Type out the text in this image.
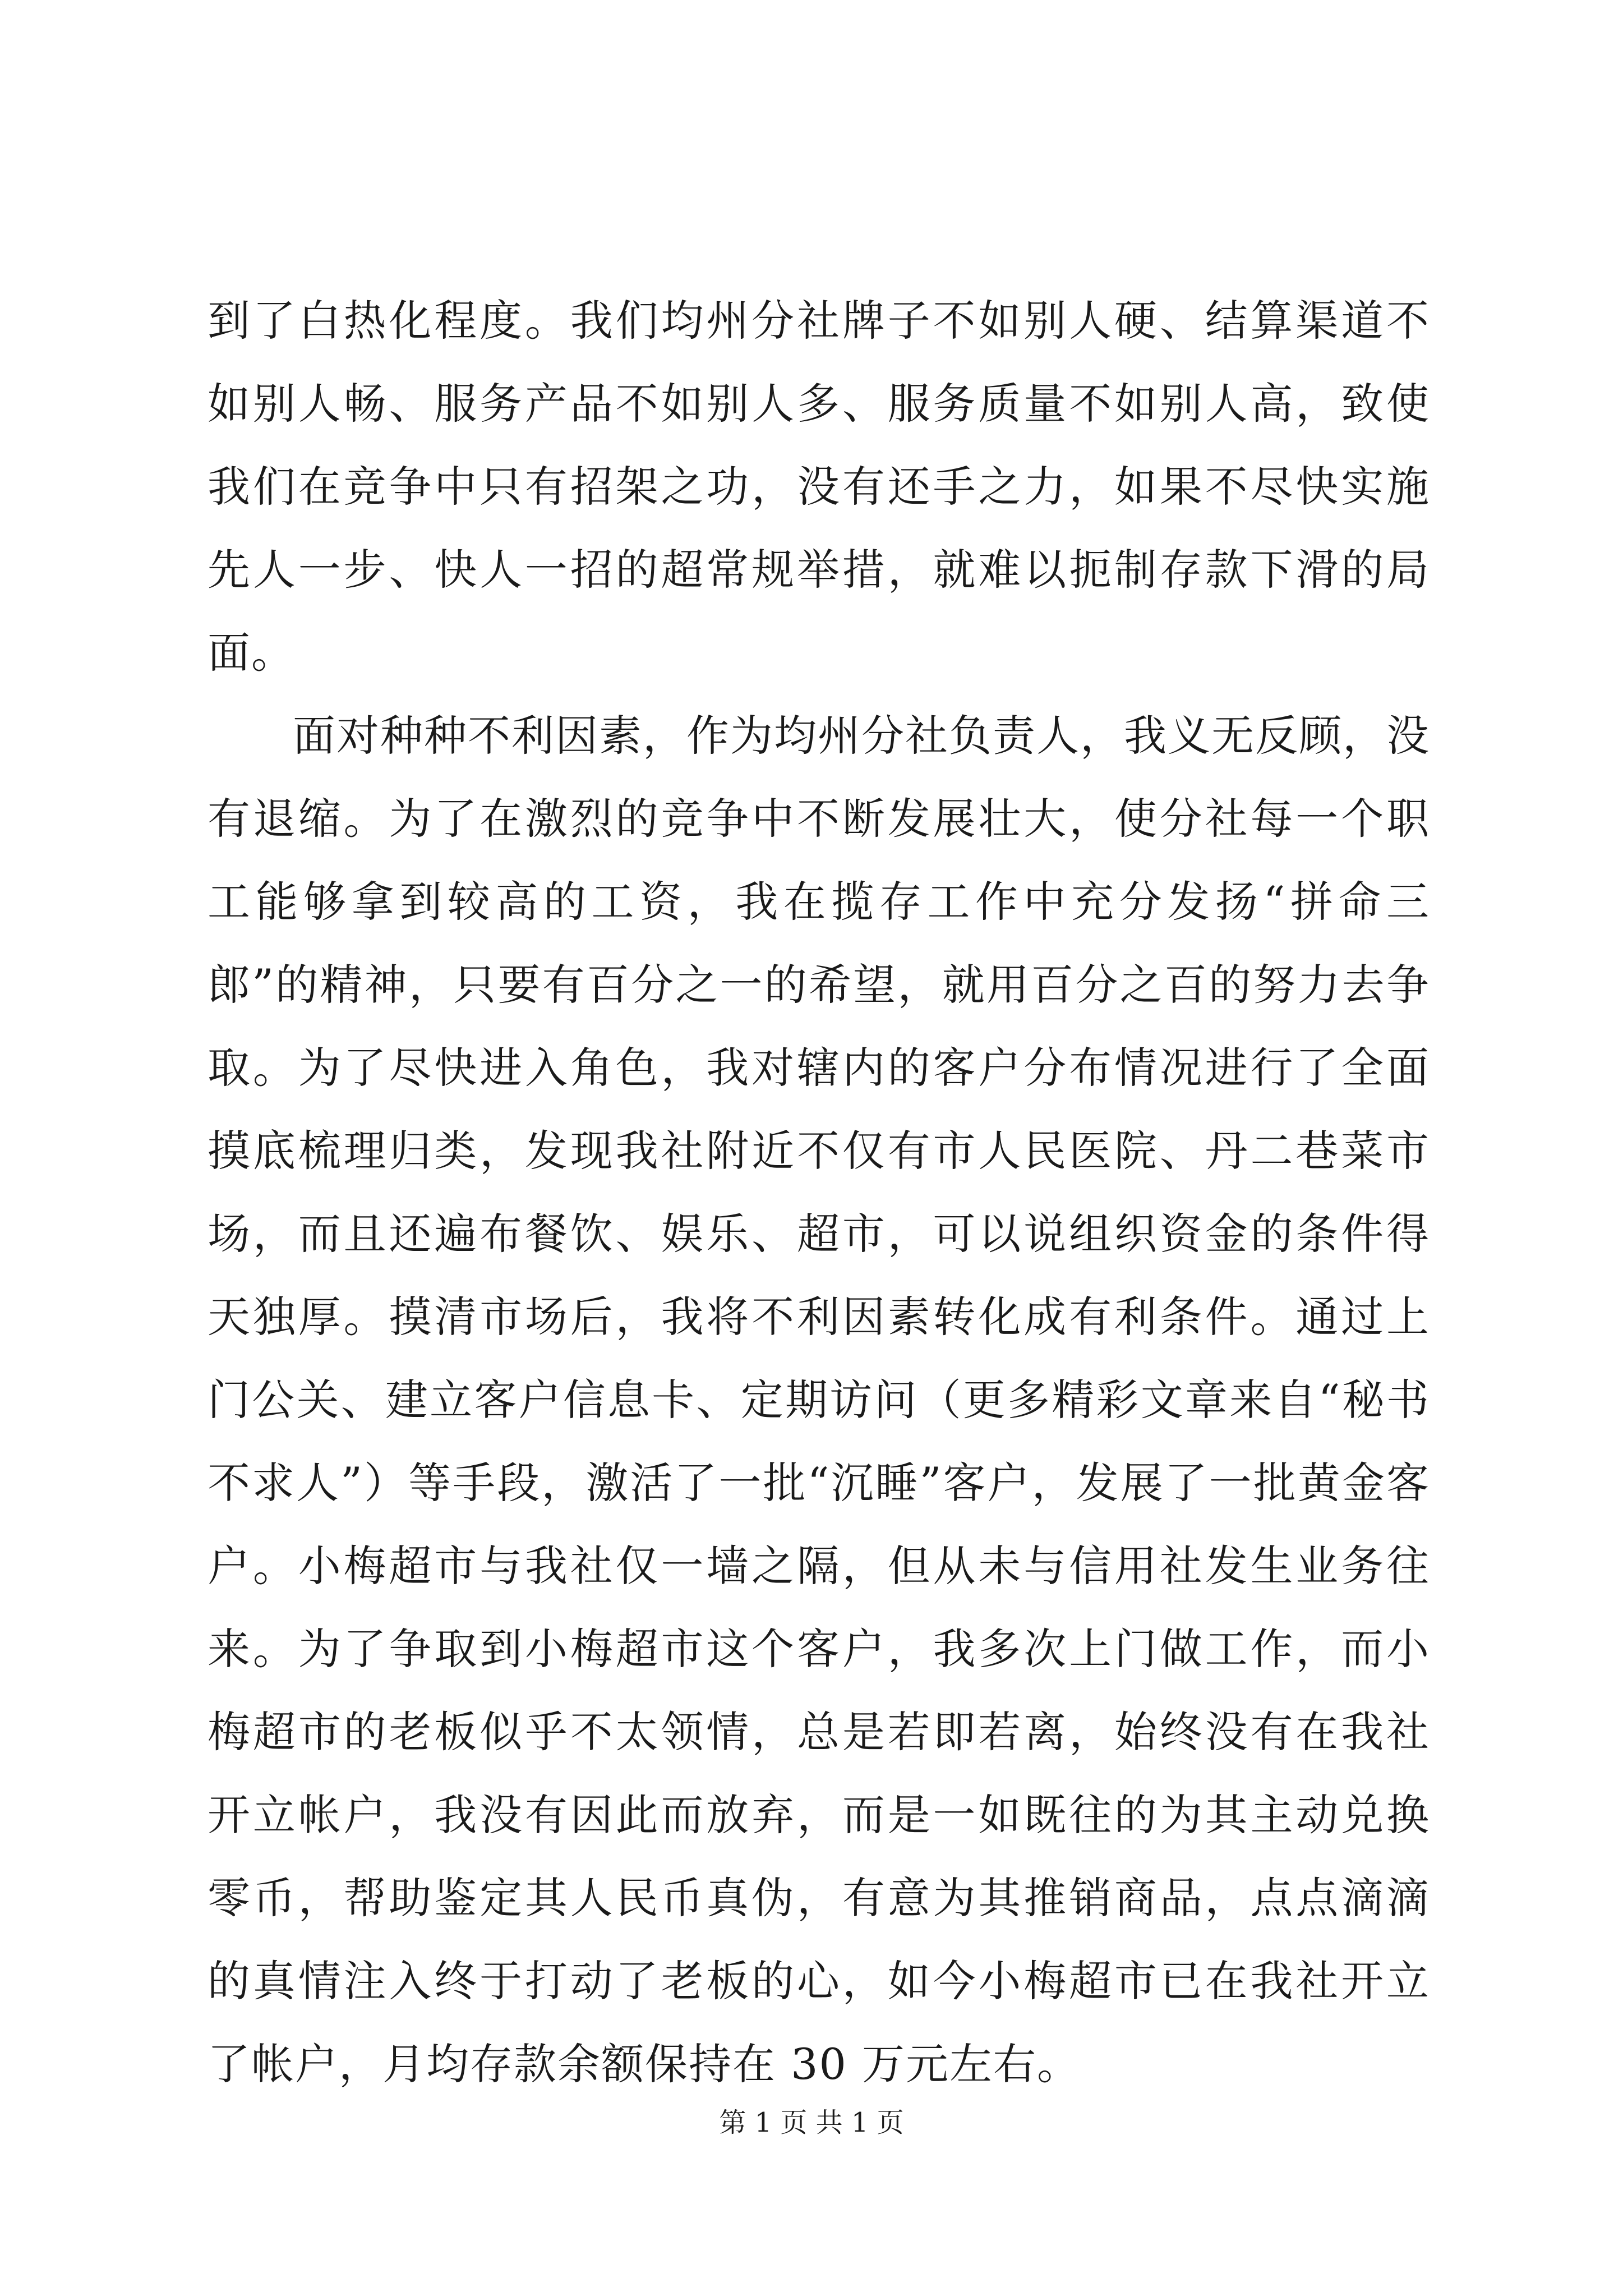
到了白热化程度。我们均州分社牌子不如别人硬、结算渠道不如别人畅、服务产品不如别人多、服务质量不如别人高，致使我们在竞争中只有招架之功，没有还手之力，如果不尽快实施先人一步、快人一招的超常规举措，就难以扼制存款下滑的局面。

面对种种不利因素，作为均州分社负责人，我义无反顾，没有退缩。为了在激烈的竞争中不断发展壮大，使分社每一个职工能够拿到较高的工资，我在揽存工作中充分发扬“拼命三郎”的精神，只要有百分之一的希望，就用百分之百的努力去争取。为了尽快进入角色，我对辖内的客户分布情况进行了全面摸底梳理归类，发现我社附近不仅有市人民医院、丹二巷菜市场，而且还遍布餐饮、娱乐、超市，可以说组织资金的条件得天独厚。摸清市场后，我将不利因素转化成有利条件。通过上门公关、建立客户信息卡、定期访问（更多精彩文章来自“秘书不求人”）等手段，激活了一批“沉睡”客户，发展了一批黄金客户。小梅超市与我社仅一墙之隔，但从未与信用社发生业务往来。为了争取到小梅超市这个客户，我多次上门做工作，而小梅超市的老板似乎不太领情，总是若即若离，始终没有在我社开立帐户，我没有因此而放弃，而是一如既往的为其主动兑换零币，帮助鉴定其人民币真伪，有意为其推销商品，点点滴滴的真情注入终于打动了老板的心，如今小梅超市已在我社开立了帐户，月均存款余额保持在 30 万元左右。

第 1 页 共 1 页
